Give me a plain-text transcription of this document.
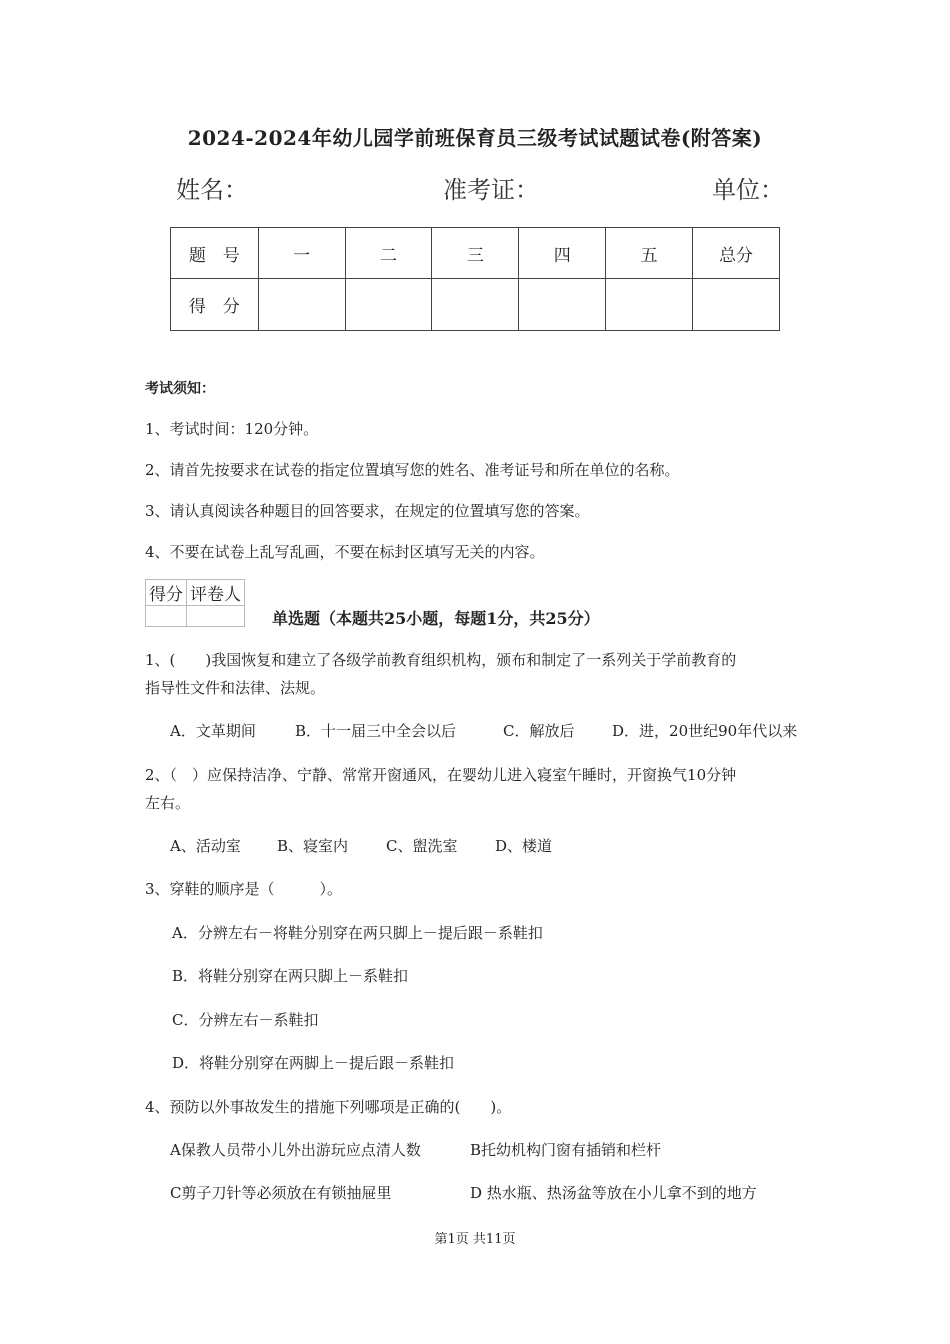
2024-2024年幼儿园学前班保育员三级考试试题试卷(附答案)
姓名：	准考证：	单位：
题　号	一	二	三	四	五	总分
得　分						
考试须知：
1、考试时间：120分钟。
2、请首先按要求在试卷的指定位置填写您的姓名、准考证号和所在单位的名称。
3、请认真阅读各种题目的回答要求，在规定的位置填写您的答案。
4、不要在试卷上乱写乱画，不要在标封区填写无关的内容。
得分	评卷人

单选题（本题共25小题，每题1分，共25分）
1、(　　)我国恢复和建立了各级学前教育组织机构，颁布和制定了一系列关于学前教育的
指导性文件和法律、法规。
A．文革期间	B．十一届三中全会以后	C．解放后	D．进，20世纪90年代以来
2、（　）应保持洁净、宁静、常常开窗通风，在婴幼儿进入寝室午睡时，开窗换气10分钟
左右。
A、活动室 B、寝室内	C、盥洗室	D、楼道
3、穿鞋的顺序是（　　　）。
A．分辨左右－将鞋分别穿在两只脚上－提后跟－系鞋扣
B．将鞋分别穿在两只脚上－系鞋扣
C．分辨左右－系鞋扣
D．将鞋分别穿在两脚上－提后跟－系鞋扣
4、预防以外事故发生的措施下列哪项是正确的(　　)。
A保教人员带小儿外出游玩应点清人数	B托幼机构门窗有插销和栏杆
C剪子刀针等必须放在有锁抽屉里	D 热水瓶、热汤盆等放在小儿拿不到的地方
第1页 共11页
